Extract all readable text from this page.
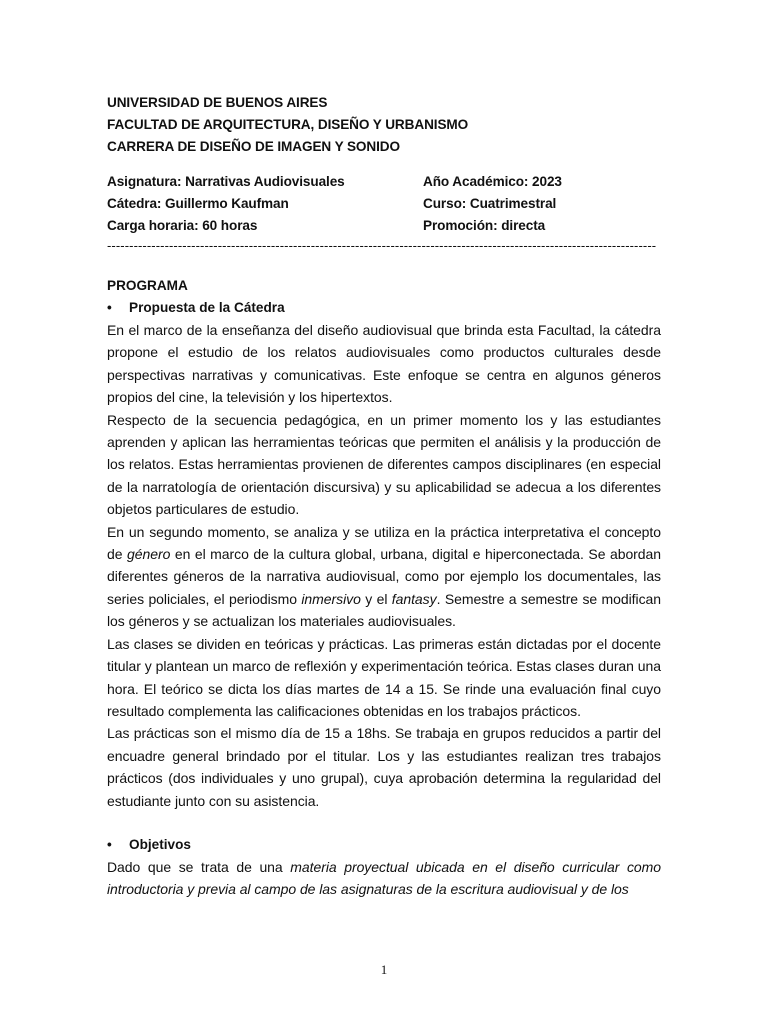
UNIVERSIDAD DE BUENOS AIRES
FACULTAD DE ARQUITECTURA, DISEÑO Y URBANISMO
CARRERA DE DISEÑO DE IMAGEN Y SONIDO
Asignatura: Narrativas Audiovisuales	Año Académico: 2023
Cátedra: Guillermo Kaufman	Curso: Cuatrimestral
Carga horaria: 60 horas	Promoción: directa
----------------------------------------------------------------------------------------------------------------------------
PROGRAMA
•	Propuesta de la Cátedra

En el marco de la enseñanza del diseño audiovisual que brinda esta Facultad, la cátedra propone el estudio de los relatos audiovisuales como productos culturales desde perspectivas narrativas y comunicativas. Este enfoque se centra en algunos géneros propios del cine, la televisión y los hipertextos.

Respecto de la secuencia pedagógica, en un primer momento los y las estudiantes aprenden y aplican las herramientas teóricas que permiten el análisis y la producción de los relatos. Estas herramientas provienen de diferentes campos disciplinares (en especial de la narratología de orientación discursiva) y su aplicabilidad se adecua a los diferentes objetos particulares de estudio.

En un segundo momento, se analiza y se utiliza en la práctica interpretativa el concepto de género en el marco de la cultura global, urbana, digital e hiperconectada. Se abordan diferentes géneros de la narrativa audiovisual, como por ejemplo los documentales, las series policiales, el periodismo inmersivo y el fantasy. Semestre a semestre se modifican los géneros y se actualizan los materiales audiovisuales.

Las clases se dividen en teóricas y prácticas. Las primeras están dictadas por el docente titular y plantean un marco de reflexión y experimentación teórica. Estas clases duran una hora. El teórico se dicta los días martes de 14 a 15. Se rinde una evaluación final cuyo resultado complementa las calificaciones obtenidas en los trabajos prácticos.

Las prácticas son el mismo día de 15 a 18hs. Se trabaja en grupos reducidos a partir del encuadre general brindado por el titular. Los y las estudiantes realizan tres trabajos prácticos (dos individuales y uno grupal), cuya aprobación determina la regularidad del estudiante junto con su asistencia.

•	Objetivos

Dado que se trata de una materia proyectual ubicada en el diseño curricular como introductoria y previa al campo de las asignaturas de la escritura audiovisual y de los

1
